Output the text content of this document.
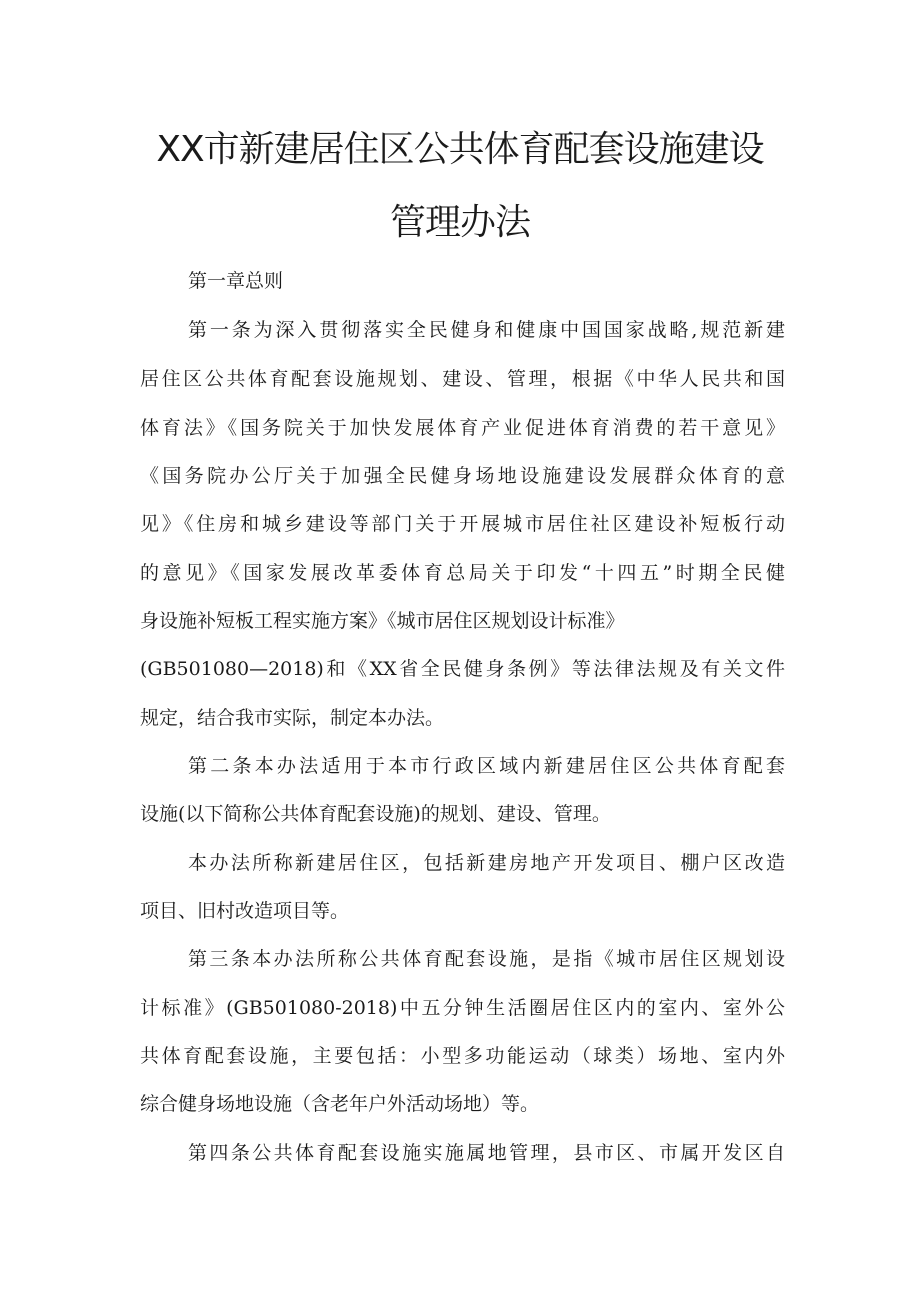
XX市新建居住区公共体育配套设施建设
管理办法
第一章总则
第一条为深入贯彻落实全民健身和健康中国国家战略,规范新建
居住区公共体育配套设施规划、建设、管理，根据《中华人民共和国
体育法》《国务院关于加快发展体育产业促进体育消费的若干意见》
《国务院办公厅关于加强全民健身场地设施建设发展群众体育的意
见》《住房和城乡建设等部门关于开展城市居住社区建设补短板行动
的意见》《国家发展改革委体育总局关于印发“十四五”时期全民健
身设施补短板工程实施方案》《城市居住区规划设计标准》
(GB501080—2018)和《XX省全民健身条例》等法律法规及有关文件
规定，结合我市实际，制定本办法。
第二条本办法适用于本市行政区域内新建居住区公共体育配套
设施(以下简称公共体育配套设施)的规划、建设、管理。
本办法所称新建居住区，包括新建房地产开发项目、棚户区改造
项目、旧村改造项目等。
第三条本办法所称公共体育配套设施，是指《城市居住区规划设
计标准》(GB501080-2018)中五分钟生活圈居住区内的室内、室外公
共体育配套设施，主要包括：小型多功能运动（球类）场地、室内外
综合健身场地设施（含老年户外活动场地）等。
第四条公共体育配套设施实施属地管理，县市区、市属开发区自
